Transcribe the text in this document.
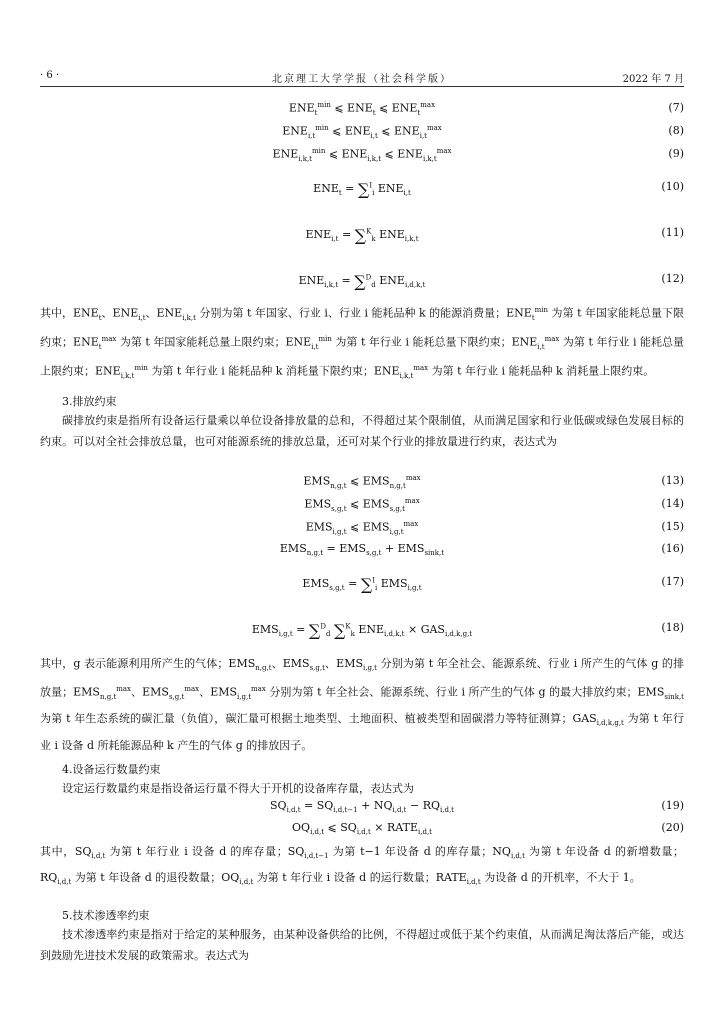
· 6 ·	北京理工大学学报（社会科学版）	2022 年 7 月
$ENE_t^{min}$ ⩽ $ENE_t$ ⩽ $ENE_t^{max}$	(7)
$ENE_{i,t}^{min}$ ⩽ $ENE_{i,t}$ ⩽ $ENE_{i,t}^{max}$	(8)
$ENE_{i,k,t}^{min}$ ⩽ $ENE_{i,k,t}$ ⩽ $ENE_{i,k,t}^{max}$	(9)
$ENE_t = \sum^I_i$ $ENE_{i,t}$
(10)
$ENE_{i,t} = \sum^K_k$ $ENE_{i,k,t}$
(11)
$ENE_{i,k,t} = \sum^D_d$ $ENE_{i,d,k,t}$
(12)
其中，$ENE_t$、$ENE_{i,t}$、$ENE_{i,k,t}$ 分别为第 t 年国家、行业 i、行业 i 能耗品种 k 的能源消费量；$ENE_t^{min}$ 为第 t 年国家能耗总量下限约束；$ENE_t^{max}$ 为第 t 年国家能耗总量上限约束；$ENE_{i,t}^{min}$ 为第 t 年行业 i 能耗总量下限约束；$ENE_{i,t}^{max}$ 为第 t 年行业 i 能耗总量上限约束；$ENE_{i,k,t}^{min}$ 为第 t 年行业 i 能耗品种 k 消耗量下限约束；$ENE_{i,k,t}^{max}$ 为第 t 年行业 i 能耗品种 k 消耗量上限约束。
3.排放约束
碳排放约束是指所有设备运行量乘以单位设备排放量的总和，不得超过某个限制值，从而满足国家和行业低碳或绿色发展目标的约束。可以对全社会排放总量，也可对能源系统的排放总量，还可对某个行业的排放量进行约束，表达式为
$EMS_{n,g,t}$ ⩽ $EMS_{n,g,t}^{max}$	(13)
$EMS_{s,g,t}$ ⩽ $EMS_{s,g,t}^{max}$	(14)
$EMS_{i,g,t}$ ⩽ $EMS_{i,g,t}^{max}$	(15)
$EMS_{n,g,t} = EMS_{s,g,t} + EMS_{sink,t}$	(16)
$EMS_{s,g,t} = \sum^I_i$ $EMS_{i,g,t}$
(17)
$EMS_{i,g,t} = \sum^D_d$ ∑$^K_k$ $ENE_{i,d,k,t} \times GAS_{i,d,k,g,t}$
(18)
其中，g 表示能源利用所产生的气体；$EMS_{n,g,t}$、$EMS_{s,g,t}$、$EMS_{i,g,t}$ 分别为第 t 年全社会、能源系统、行业 i 所产生的气体 g 的排放量；$EMS_{n,g,t}^{max}$、$EMS_{s,g,t}^{max}$、$EMS_{i,g,t}^{max}$ 分别为第 t 年全社会、能源系统、行业 i 所产生的气体 g 的最大排放约束；$EMS_{sink,t}$ 为第 t 年生态系统的碳汇量（负值），碳汇量可根据土地类型、土地面积、植被类型和固碳潜力等特征测算；$GAS_{i,d,k,g,t}$ 为第 t 年行业 i 设备 d 所耗能源品种 k 产生的气体 g 的排放因子。
4.设备运行数量约束
设定运行数量约束是指设备运行量不得大于开机的设备库存量，表达式为
$SQ_{i,d,t} = SQ_{i,d,t-1} + NQ_{i,d,t} - RQ_{i,d,t}$	(19)
$OQ_{i,d,t}$ ⩽ $SQ_{i,d,t}$ × $RATE_{i,d,t}$	(20)
其中，$SQ_{i,d,t}$ 为第 t 年行业 i 设备 d 的库存量；$SQ_{i,d,t-1}$ 为第 t−1 年设备 d 的库存量；$NQ_{i,d,t}$ 为第 t 年设备 d 的新增数量；$RQ_{i,d,t}$ 为第 t 年设备 d 的退役数量；$OQ_{i,d,t}$ 为第 t 年行业 i 设备 d 的运行数量；$RATE_{i,d,t}$ 为设备 d 的开机率，不大于 1。
5.技术渗透率约束
技术渗透率约束是指对于给定的某种服务，由某种设备供给的比例，不得超过或低于某个约束值，从而满足淘汰落后产能，或达到鼓励先进技术发展的政策需求。表达式为
